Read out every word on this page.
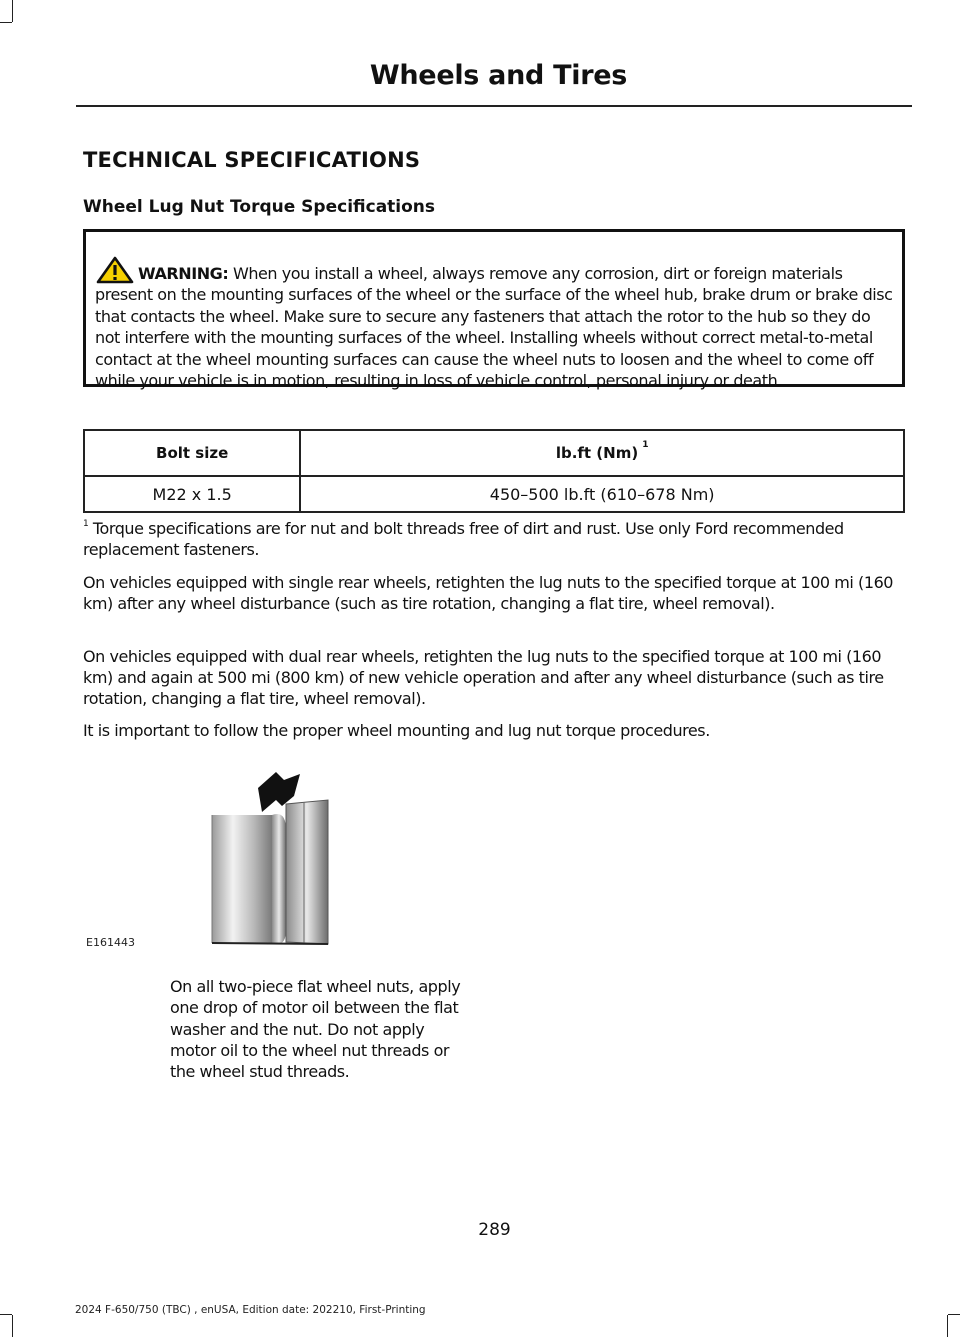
Wheels and Tires
TECHNICAL SPECIFICATIONS
Wheel Lug Nut Torque Specifications

WARNING: When you install a wheel, always remove any corrosion, dirt or foreign materials present on the mounting surfaces of the wheel or the surface of the wheel hub, brake drum or brake disc that contacts the wheel. Make sure to secure any fasteners that attach the rotor to the hub so they do not interfere with the mounting surfaces of the wheel. Installing wheels without correct metal-to-metal contact at the wheel mounting surfaces can cause the wheel nuts to loosen and the wheel to come off while your vehicle is in motion, resulting in loss of vehicle control, personal injury or death.

Bolt size	lb.ft (Nm) $^1$
M22 x 1.5	450–500 lb.ft (610–678 Nm)

$^1$ Torque specifications are for nut and bolt threads free of dirt and rust. Use only Ford recommended replacement fasteners.

On vehicles equipped with single rear wheels, retighten the lug nuts to the specified torque at 100 mi (160 km) after any wheel disturbance (such as tire rotation, changing a flat tire, wheel removal).

On vehicles equipped with dual rear wheels, retighten the lug nuts to the specified torque at 100 mi (160 km) and again at 500 mi (800 km) of new vehicle operation and after any wheel disturbance (such as tire rotation, changing a flat tire, wheel removal).

It is important to follow the proper wheel mounting and lug nut torque procedures.

E161443

On all two-piece flat wheel nuts, apply one drop of motor oil between the flat washer and the nut. Do not apply motor oil to the wheel nut threads or the wheel stud threads.

289
2024 F-650/750 (TBC) , enUSA, Edition date: 202210, First-Printing
